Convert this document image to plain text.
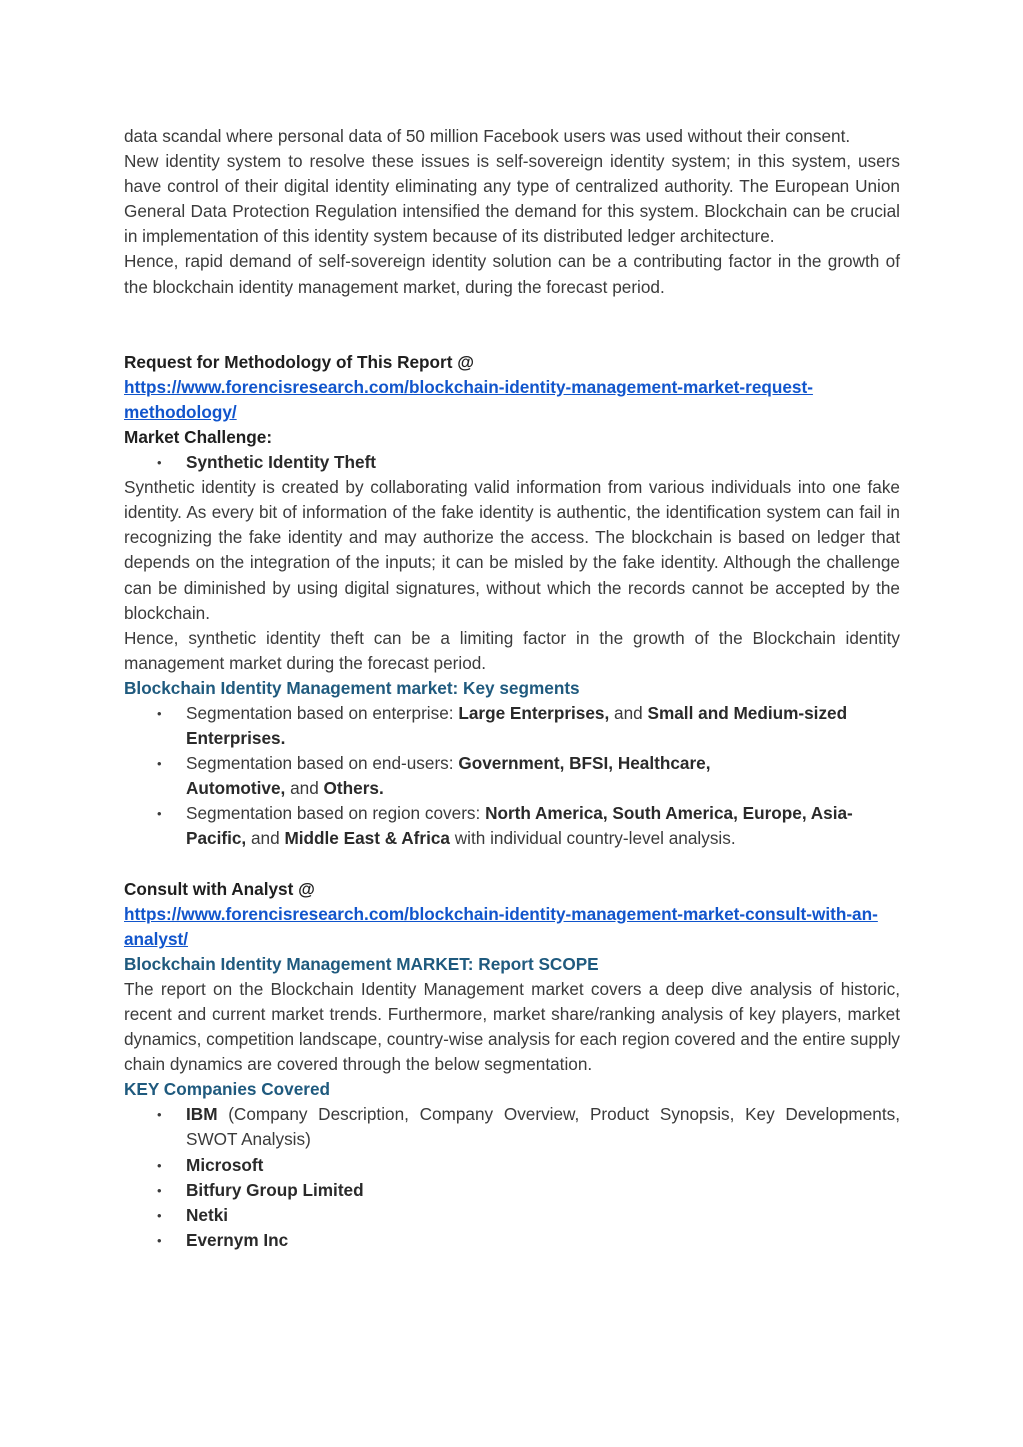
data scandal where personal data of 50 million Facebook users was used without their consent.

New identity system to resolve these issues is self-sovereign identity system; in this system, users have control of their digital identity eliminating any type of centralized authority. The European Union General Data Protection Regulation intensified the demand for this system. Blockchain can be crucial in implementation of this identity system because of its distributed ledger architecture.

Hence, rapid demand of self-sovereign identity solution can be a contributing factor in the growth of the blockchain identity management market, during the forecast period.

Request for Methodology of This Report @

https://www.forencisresearch.com/blockchain-identity-management-market-request-methodology/

Market Challenge:

• Synthetic Identity Theft

Synthetic identity is created by collaborating valid information from various individuals into one fake identity. As every bit of information of the fake identity is authentic, the identification system can fail in recognizing the fake identity and may authorize the access. The blockchain is based on ledger that depends on the integration of the inputs; it can be misled by the fake identity. Although the challenge can be diminished by using digital signatures, without which the records cannot be accepted by the blockchain.

Hence, synthetic identity theft can be a limiting factor in the growth of the Blockchain identity management market during the forecast period.

Blockchain Identity Management market: Key segments

• Segmentation based on enterprise: Large Enterprises, and Small and Medium-sized Enterprises.
• Segmentation based on end-users: Government, BFSI, Healthcare, Automotive, and Others.
• Segmentation based on region covers: North America, South America, Europe, Asia-Pacific, and Middle East & Africa with individual country-level analysis.

Consult with Analyst @

https://www.forencisresearch.com/blockchain-identity-management-market-consult-with-an-analyst/

Blockchain Identity Management MARKET: Report SCOPE

The report on the Blockchain Identity Management market covers a deep dive analysis of historic, recent and current market trends. Furthermore, market share/ranking analysis of key players, market dynamics, competition landscape, country-wise analysis for each region covered and the entire supply chain dynamics are covered through the below segmentation.

KEY Companies Covered

• IBM (Company Description, Company Overview, Product Synopsis, Key Developments, SWOT Analysis)
• Microsoft
• Bitfury Group Limited
• Netki
• Evernym Inc
